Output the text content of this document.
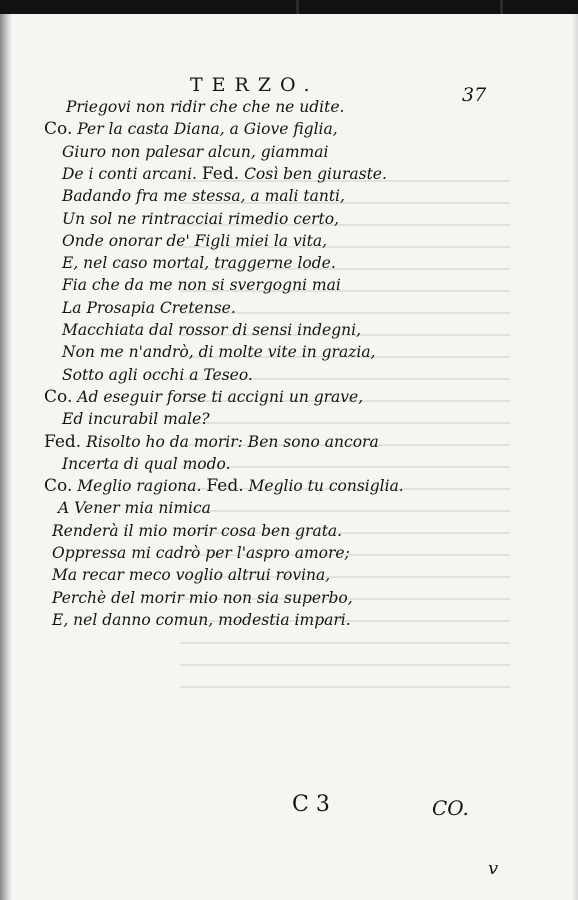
TERZO.	37
Priegovi non ridir che che ne udite.
Co. Per la casta Diana, a Giove figlia,
Giuro non palesar alcun, giammai
De i conti arcani. Fed. Così ben giuraste.
Badando fra me stessa, a mali tanti,
Un sol ne rintracciai rimedio certo,
Onde onorar de' Figli miei la vita,
E, nel caso mortal, traggerne lode.
Fia che da me non si svergogni mai
La Prosapia Cretense.
Macchiata dal rossor di sensi indegni,
Non me n'andrò, di molte vite in grazia,
Sotto agli occhi a Teseo.
Co. Ad eseguir forse ti accigni un grave,
Ed incurabil male?
Fed. Risolto ho da morir: Ben sono ancora
Incerta di qual modo.
Co. Meglio ragiona. Fed. Meglio tu consiglia.
A Vener mia nimica
Renderà il mio morir cosa ben grata.
Oppressa mi cadrò per l'aspro amore;
Ma recar meco voglio altrui rovina,
Perchè del morir mio non sia superbo,
E, nel danno comun, modestia impari.
C 3	CO.
v
